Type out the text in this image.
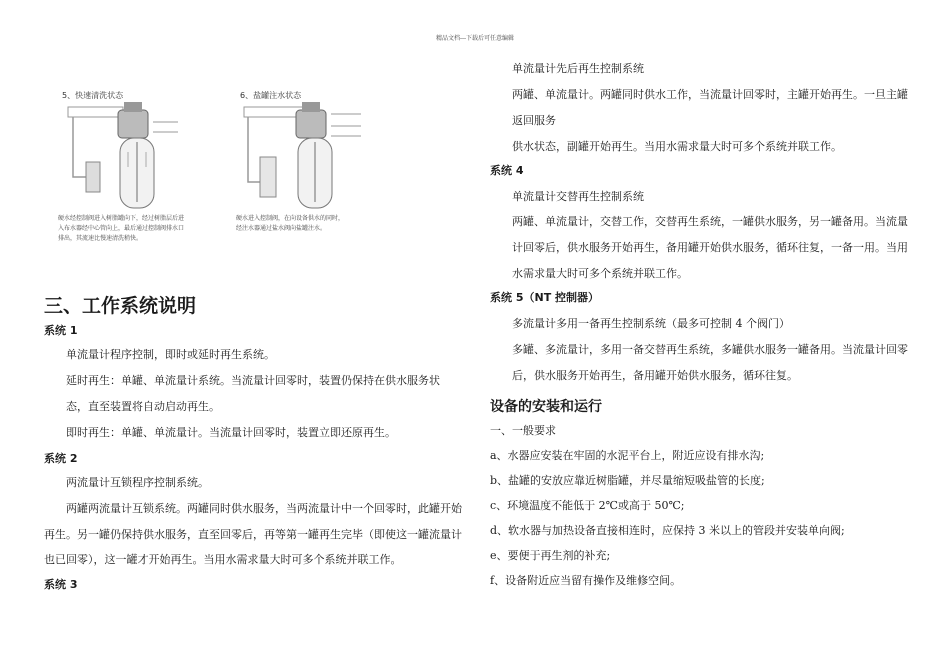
精品文档---下载后可任意编辑
5、快速清洗状态
硬水经控制阀进入树脂罐向下，经过树脂层后进
入布水器经中心管向上，最后通过控制阀排水口
排出，其流速比慢速清洗稍快。
6、盐罐注水状态
硬水进入控制阀，在向设备供水的同时，
经注水器通过盐水阀向盐罐注水。
三、工作系统说明
系统 1
单流量计程序控制，即时或延时再生系统。
延时再生：单罐、单流量计系统。当流量计回零时，装置仍保持在供水服务状
态，直至装置将自动启动再生。
即时再生：单罐、单流量计。当流量计回零时，装置立即还原再生。
系统 2
两流量计互锁程序控制系统。
两罐两流量计互锁系统。两罐同时供水服务，当两流量计中一个回零时，此罐开始
再生。另一罐仍保持供水服务，直至回零后，再等第一罐再生完毕（即使这一罐流量计
也已回零），这一罐才开始再生。当用水需求量大时可多个系统并联工作。
系统 3
单流量计先后再生控制系统
两罐、单流量计。两罐同时供水工作，当流量计回零时，主罐开始再生。一旦主罐
返回服务
供水状态，副罐开始再生。当用水需求量大时可多个系统并联工作。
系统 4
单流量计交替再生控制系统
两罐、单流量计，交替工作，交替再生系统，一罐供水服务，另一罐备用。当流量
计回零后，供水服务开始再生，备用罐开始供水服务，循环往复，一备一用。当用
水需求量大时可多个系统并联工作。
系统 5（NT 控制器）
多流量计多用一备再生控制系统（最多可控制 4 个阀门）
多罐、多流量计，多用一备交替再生系统，多罐供水服务一罐备用。当流量计回零
后，供水服务开始再生，备用罐开始供水服务，循环往复。
设备的安装和运行
一、一般要求
a、水器应安装在牢固的水泥平台上，附近应设有排水沟;
b、盐罐的安放应靠近树脂罐，并尽量缩短吸盐管的长度;
c、环境温度不能低于 2℃或高于 50℃;
d、软水器与加热设备直接相连时，应保持 3 米以上的管段并安装单向阀;
e、要便于再生剂的补充;
f、设备附近应当留有操作及维修空间。
